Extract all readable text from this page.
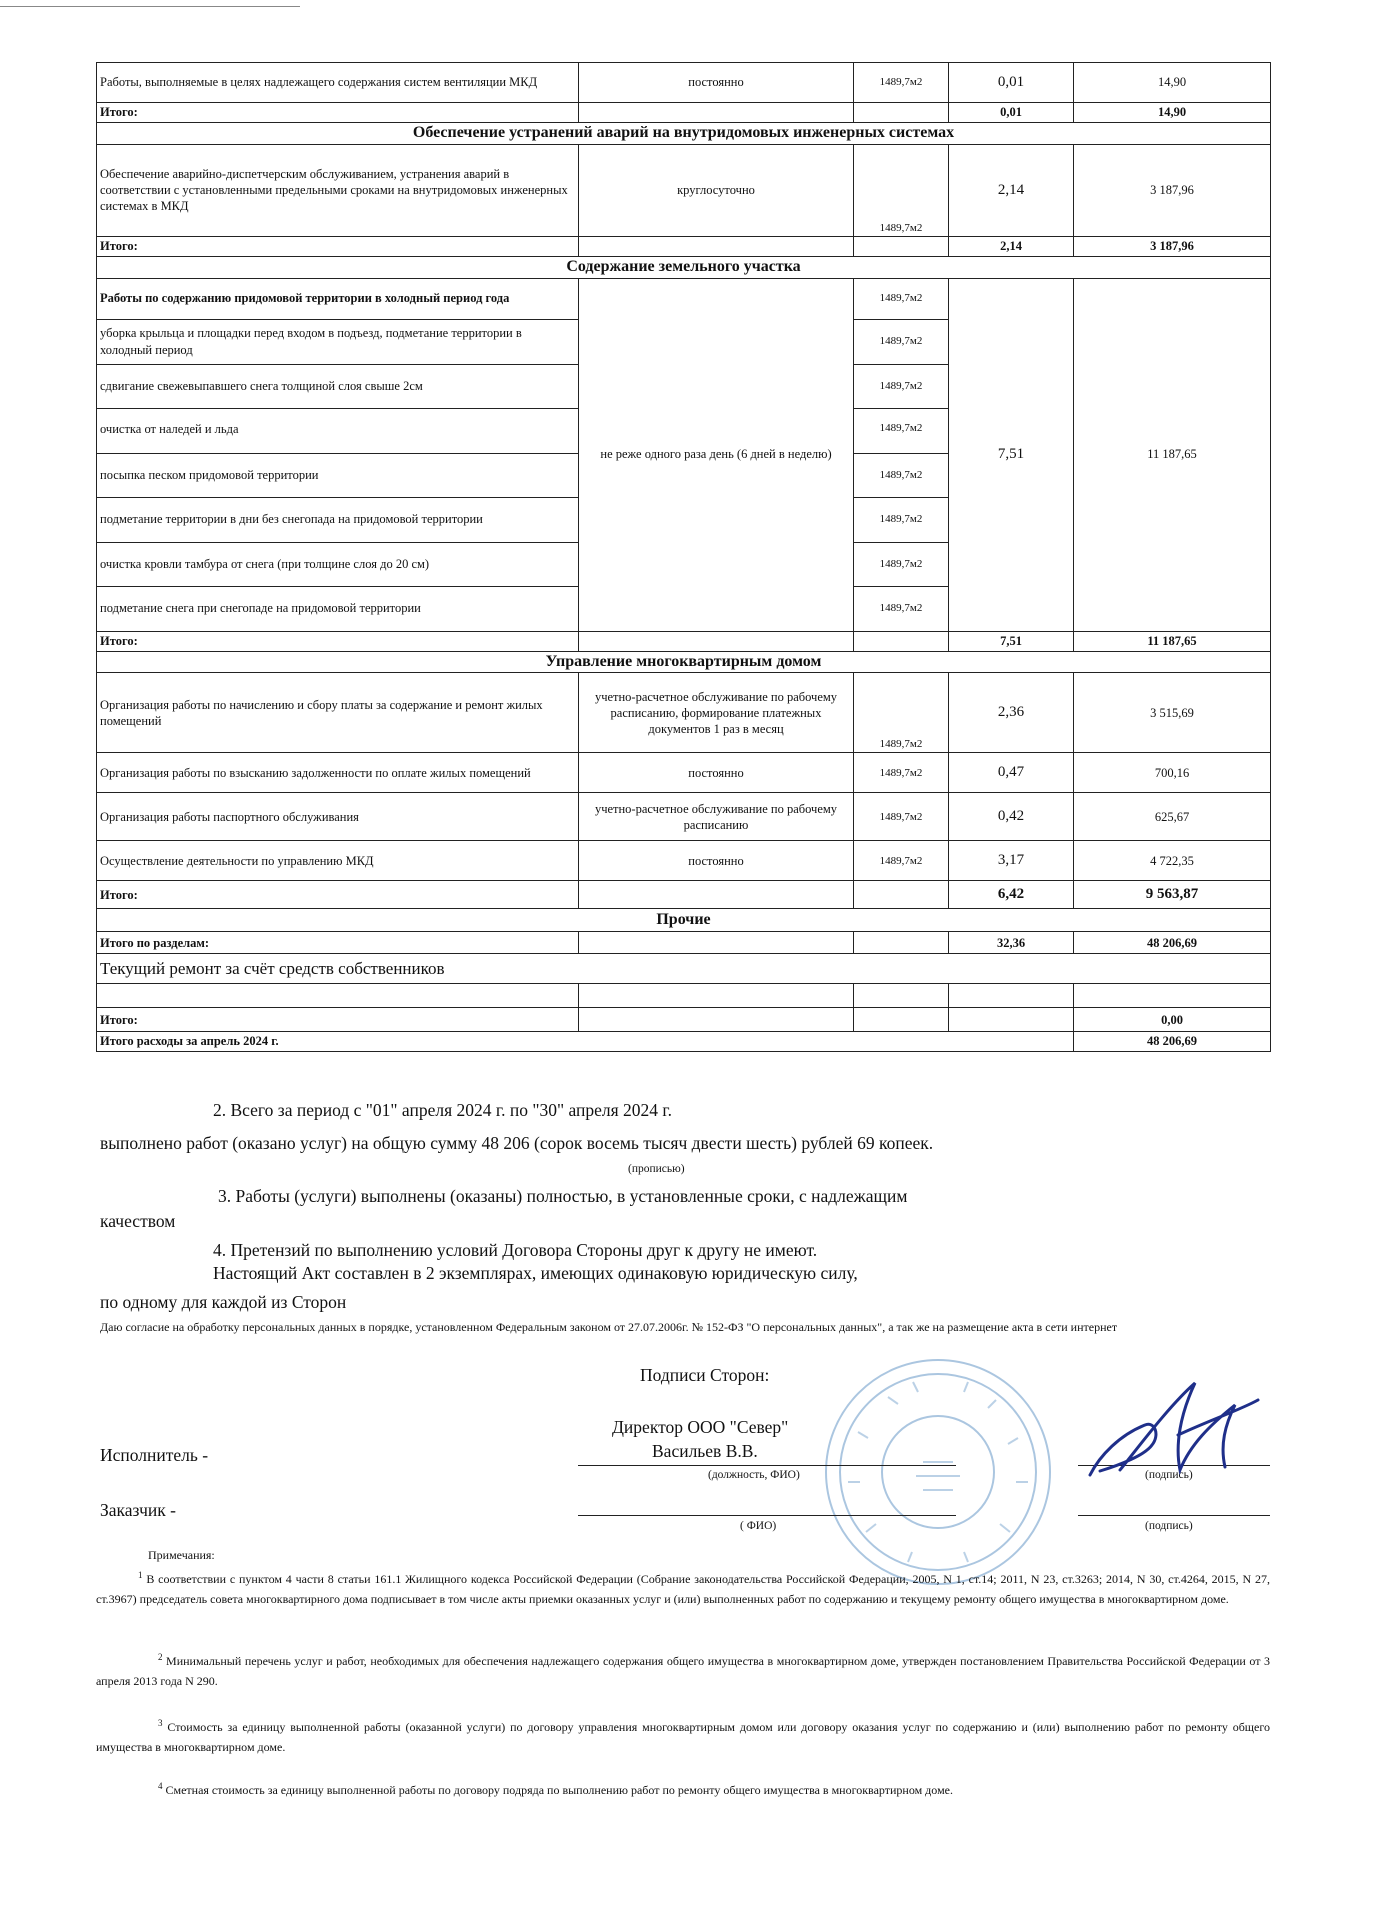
Работы, выполняемые в целях надлежащего содержания систем вентиляции МКД	постоянно	1489,7м2	0,01	14,90
Итого:			0,01	14,90
Обеспечение устранений аварий на внутридомовых инженерных системах				
Обеспечение аварийно-диспетчерским обслуживанием, устранения аварий в соответствии с установленными предельными сроками на внутридомовых инженерных системах в МКД	круглосуточно	1489,7м2	2,14	3 187,96
Итого:			2,14	3 187,96
Содержание земельного участка				
Работы по содержанию придомовой территории в холодный период года	не реже одного раза день (6 дней в неделю)	1489,7м2	7,51	11 187,65
уборка крыльца и площадки перед входом в подъезд, подметание территории в холодный период		1489,7м2		
сдвигание свежевыпавшего снега толщиной слоя свыше 2см		1489,7м2		
очистка от наледей и льда		1489,7м2		
посыпка песком придомовой территории		1489,7м2		
подметание территории в дни без снегопада на придомовой территории		1489,7м2		
очистка кровли тамбура от снега (при толщине слоя до 20 см)		1489,7м2		
подметание снега при снегопаде на придомовой территории		1489,7м2		
Итого:			7,51	11 187,65
Управление многоквартирным домом				
Организация работы по начислению и сбору платы за содержание и ремонт жилых помещений	учетно-расчетное обслуживание по рабочему расписанию, формирование платежных документов 1 раз в месяц	1489,7м2	2,36	3 515,69
Организация работы по взысканию задолженности по оплате жилых помещений	постоянно	1489,7м2	0,47	700,16
Организация работы паспортного обслуживания	учетно-расчетное обслуживание по рабочему расписанию	1489,7м2	0,42	625,67
Осуществление деятельности по управлению МКД	постоянно	1489,7м2	3,17	4 722,35
Итого:			6,42	9 563,87
Прочие				
Итого по разделам:			32,36	48 206,69
Текущий ремонт за счёт средств собственников				

Итого:				0,00
Итого расходы за апрель 2024 г.				48 206,69
2. Всего за период с "01" апреля 2024 г. по "30" апреля 2024 г.
выполнено работ (оказано услуг) на общую сумму 48 206 (сорок восемь тысяч двести шесть) рублей 69 копеек.
(прописью)
3. Работы (услуги) выполнены (оказаны) полностью, в установленные сроки, с надлежащим
качеством
4. Претензий по выполнению условий Договора Стороны друг к другу не имеют.
Настоящий Акт составлен в 2 экземплярах, имеющих одинаковую юридическую силу,
по одному для каждой из Сторон
Даю согласие на обработку персональных данных в порядке, установленном Федеральным законом от 27.07.2006г. № 152-ФЗ "О персональных данных", а так же на размещение акта в сети интернет
Подписи Сторон:
Директор ООО "Север"
Исполнитель -	Васильев В.В.
(должность, ФИО)	(подпись)
Заказчик -
( ФИО)	(подпись)
Примечания:
$^1$ В соответствии с пунктом 4 части 8 статьи 161.1 Жилищного кодекса Российской Федерации (Собрание законодательства Российской Федерации, 2005, N 1, ст.14; 2011, N 23, ст.3263; 2014, N 30, ст.4264, 2015, N 27, ст.3967) председатель совета многоквартирного дома подписывает в том числе акты приемки оказанных услуг и (или) выполненных работ по содержанию и текущему ремонту общего имущества в многоквартирном доме.
$^2$ Минимальный перечень услуг и работ, необходимых для обеспечения надлежащего содержания общего имущества в многоквартирном доме, утвержден постановлением Правительства Российской Федерации от 3 апреля 2013 года N 290.
$^3$ Стоимость за единицу выполненной работы (оказанной услуги) по договору управления многоквартирным домом или договору оказания услуг по содержанию и (или) выполнению работ по ремонту общего имущества в многоквартирном доме.
$^4$ Сметная стоимость за единицу выполненной работы по договору подряда по выполнению работ по ремонту общего имущества в многоквартирном доме.
